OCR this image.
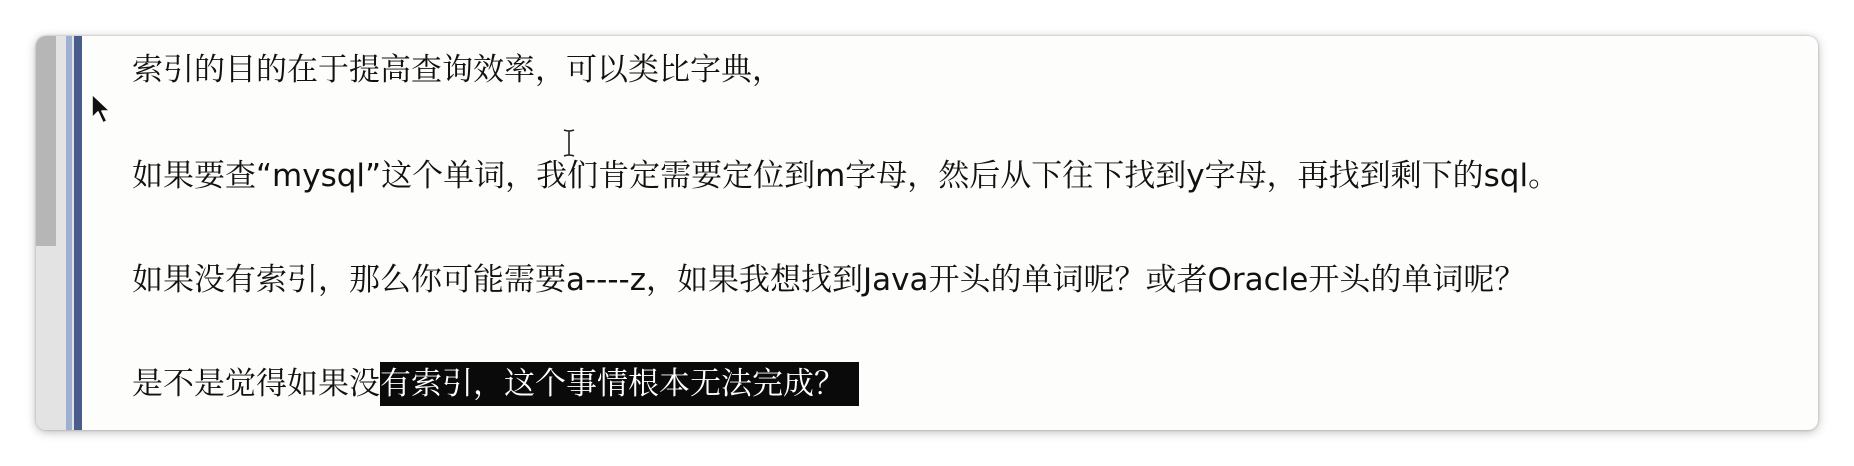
索引的目的在于提高查询效率，可以类比字典，
如果要查“mysql”这个单词，我们肯定需要定位到m字母，然后从下往下找到y字母，再找到剩下的sql。
如果没有索引，那么你可能需要a----z，如果我想找到Java开头的单词呢？或者Oracle开头的单词呢？
是不是觉得如果没有索引，这个事情根本无法完成？
